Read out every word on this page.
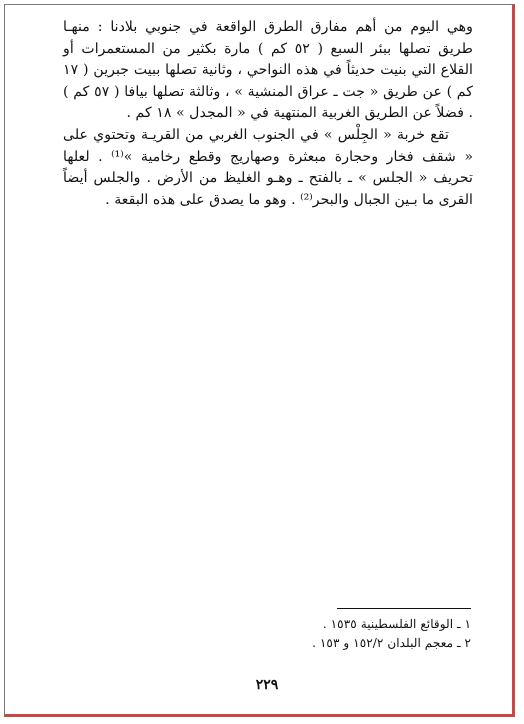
وهي اليوم من أهم مفارق الطرق الواقعة في جنوبي بلادنا : منهـا طريق تصلها ببئر السبع ( ٥٢ كم ) مارة بكثير من المستعمرات أو القلاع التي بنيت حديثاً في هذه النواحي ، وثانية تصلها ببيت جبرين ( ١٧ كم ) عن طريق « جت ـ عراق المنشية » ، وثالثة تصلها بيافا ( ٥٧ كم ) . فضلاً عن الطريق الغربية المنتهية في « المجدل » ١٨ كم .

تقع خربة « الجِلْس » في الجنوب الغربي من القريـة وتحتوي على « شقف فخار وحجارة مبعثرة وصهاريج وقطع رخامية »⁽¹⁾ . لعلها تحريف « الجلس » ـ بالفتح ـ وهـو الغليظ من الأرض . والجلس أيضاً القرى ما بـين الجبال والبحر⁽²⁾ . وهو ما يصدق على هذه البقعة .

١ ـ الوقائع الفلسطينية ١٥٣٥ .
٢ ـ معجم البلدان ١٥٢/٢ و ١٥٣ .
٢٢٩
